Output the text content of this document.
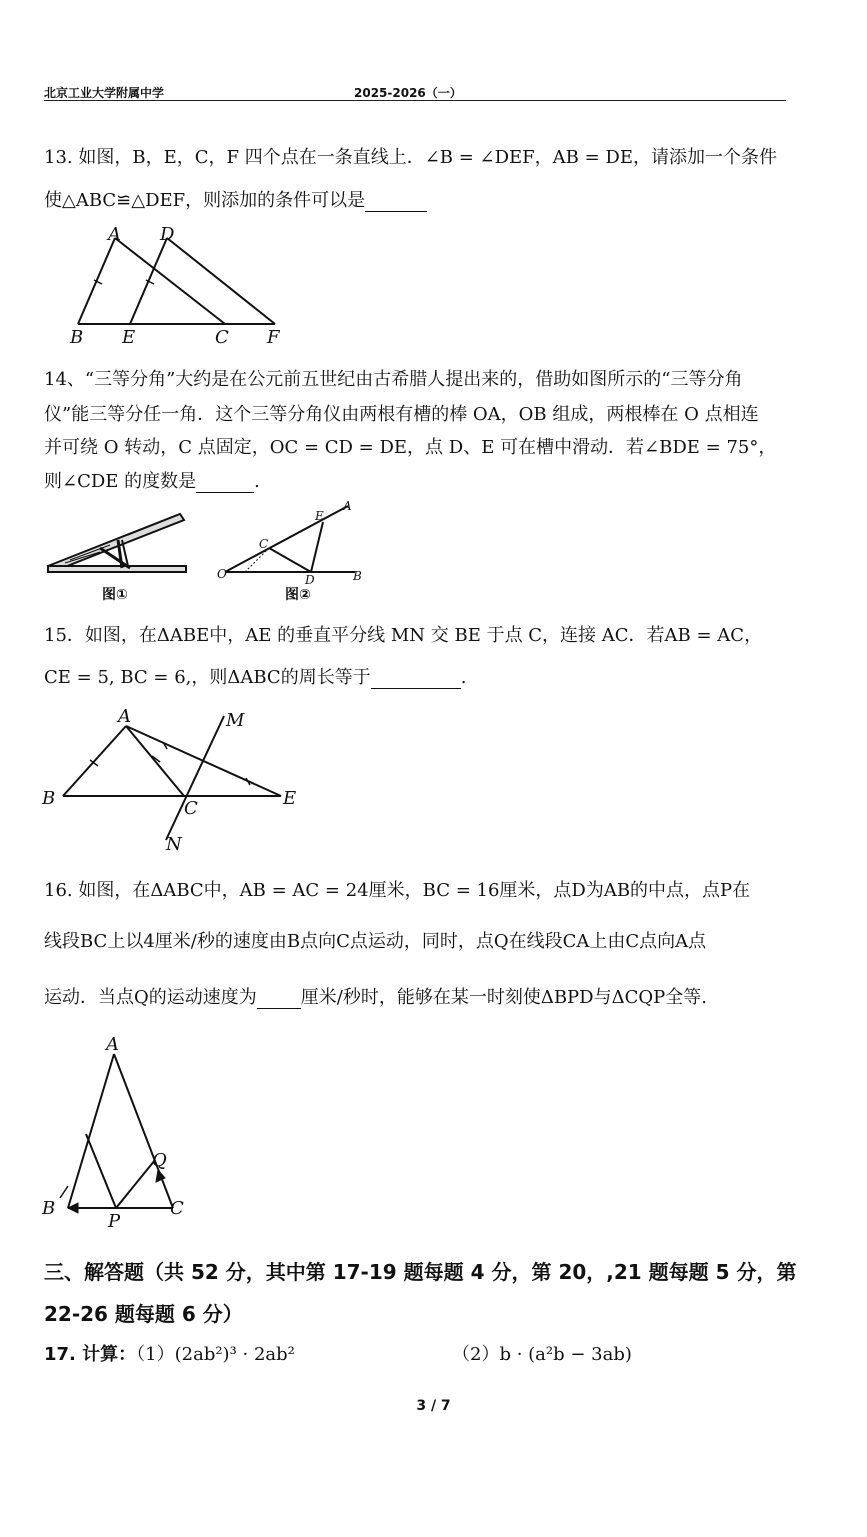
北京工业大学附属中学	2025-2026（一）
13. 如图，B，E，C，F 四个点在一条直线上．∠B = ∠DEF，AB = DE，请添加一个条件
使△ABC≌△DEF，则添加的条件可以是
A D
B E	C F
14、“三等分角”大约是在公元前五世纪由古希腊人提出来的，借助如图所示的“三等分角
仪”能三等分任一角．这个三等分角仪由两根有槽的棒 OA，OB 组成，两根棒在 O 点相连
并可绕 O 转动，C 点固定，OC = CD = DE，点 D、E 可在槽中滑动．若∠BDE = 75°，
则∠CDE 的度数是	.
图①
O
C
D
E
A
B
图②
15．如图，在ΔABE中，AE 的垂直平分线 MN 交 BE 于点 C，连接 AC．若AB = AC，
CE = 5, BC = 6,，则ΔABC的周长等于	.
A	M
B	C	E
N
16. 如图，在ΔABC中，AB = AC = 24厘米，BC = 16厘米，点D为AB的中点，点P在
线段BC上以4厘米/秒的速度由B点向C点运动，同时，点Q在线段CA上由C点向A点
运动．当点Q的运动速度为 厘米/秒时，能够在某一时刻使ΔBPD与ΔCQP全等.
A
Q
B
P
C
三、解答题（共 52 分，其中第 17-19 题每题 4 分，第 20，,21 题每题 5 分，第
22-26 题每题 6 分）
17. 计算：（1）(2ab²)³ · 2ab²	（2）b · (a²b − 3ab)
3 / 7
